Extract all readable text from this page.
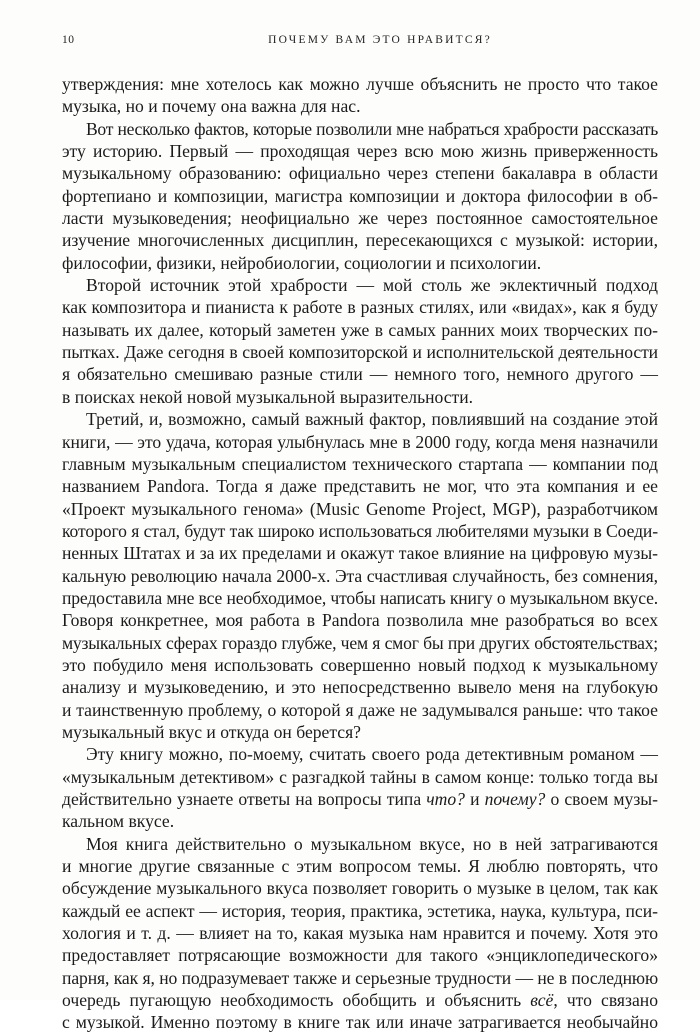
10	ПОЧЕМУ ВАМ ЭТО НРАВИТСЯ?
утверждения: мне хотелось как можно лучше объяснить не просто что такое
музыка, но и почему она важна для нас.
Вот несколько фактов, которые позволили мне набраться храбрости рассказать
эту историю. Первый — проходящая через всю мою жизнь приверженность
музыкальному образованию: официально через степени бакалавра в области
фортепиано и композиции, магистра композиции и доктора философии в об-
ласти музыковедения; неофициально же через постоянное самостоятельное
изучение многочисленных дисциплин, пересекающихся с музыкой: истории,
философии, физики, нейробиологии, социологии и психологии.
Второй источник этой храбрости — мой столь же эклектичный подход
как композитора и пианиста к работе в разных стилях, или «видах», как я буду
называть их далее, который заметен уже в самых ранних моих творческих по-
пытках. Даже сегодня в своей композиторской и исполнительской деятельности
я обязательно смешиваю разные стили — немного того, немного другого —
в поисках некой новой музыкальной выразительности.
Третий, и, возможно, самый важный фактор, повлиявший на создание этой
книги, — это удача, которая улыбнулась мне в 2000 году, когда меня назначили
главным музыкальным специалистом технического стартапа — компании под
названием Pandora. Тогда я даже представить не мог, что эта компания и ее
«Проект музыкального генома» (Music Genome Project, MGP), разработчиком
которого я стал, будут так широко использоваться любителями музыки в Соеди-
ненных Штатах и за их пределами и окажут такое влияние на цифровую музы-
кальную революцию начала 2000-х. Эта счастливая случайность, без сомнения,
предоставила мне все необходимое, чтобы написать книгу о музыкальном вкусе.
Говоря конкретнее, моя работа в Pandora позволила мне разобраться во всех
музыкальных сферах гораздо глубже, чем я смог бы при других обстоятельствах;
это побудило меня использовать совершенно новый подход к музыкальному
анализу и музыковедению, и это непосредственно вывело меня на глубокую
и таинственную проблему, о которой я даже не задумывался раньше: что такое
музыкальный вкус и откуда он берется?
Эту книгу можно, по-моему, считать своего рода детективным романом —
«музыкальным детективом» с разгадкой тайны в самом конце: только тогда вы
действительно узнаете ответы на вопросы типа что? и почему? о своем музы-
кальном вкусе.
Моя книга действительно о музыкальном вкусе, но в ней затрагиваются
и многие другие связанные с этим вопросом темы. Я люблю повторять, что
обсуждение музыкального вкуса позволяет говорить о музыке в целом, так как
каждый ее аспект — история, теория, практика, эстетика, наука, культура, пси-
хология и т. д. — влияет на то, какая музыка нам нравится и почему. Хотя это
предоставляет потрясающие возможности для такого «энциклопедического»
парня, как я, но подразумевает также и серьезные трудности — не в последнюю
очередь пугающую необходимость обобщить и объяснить всё, что связано
с музыкой. Именно поэтому в книге так или иначе затрагивается необычайно
